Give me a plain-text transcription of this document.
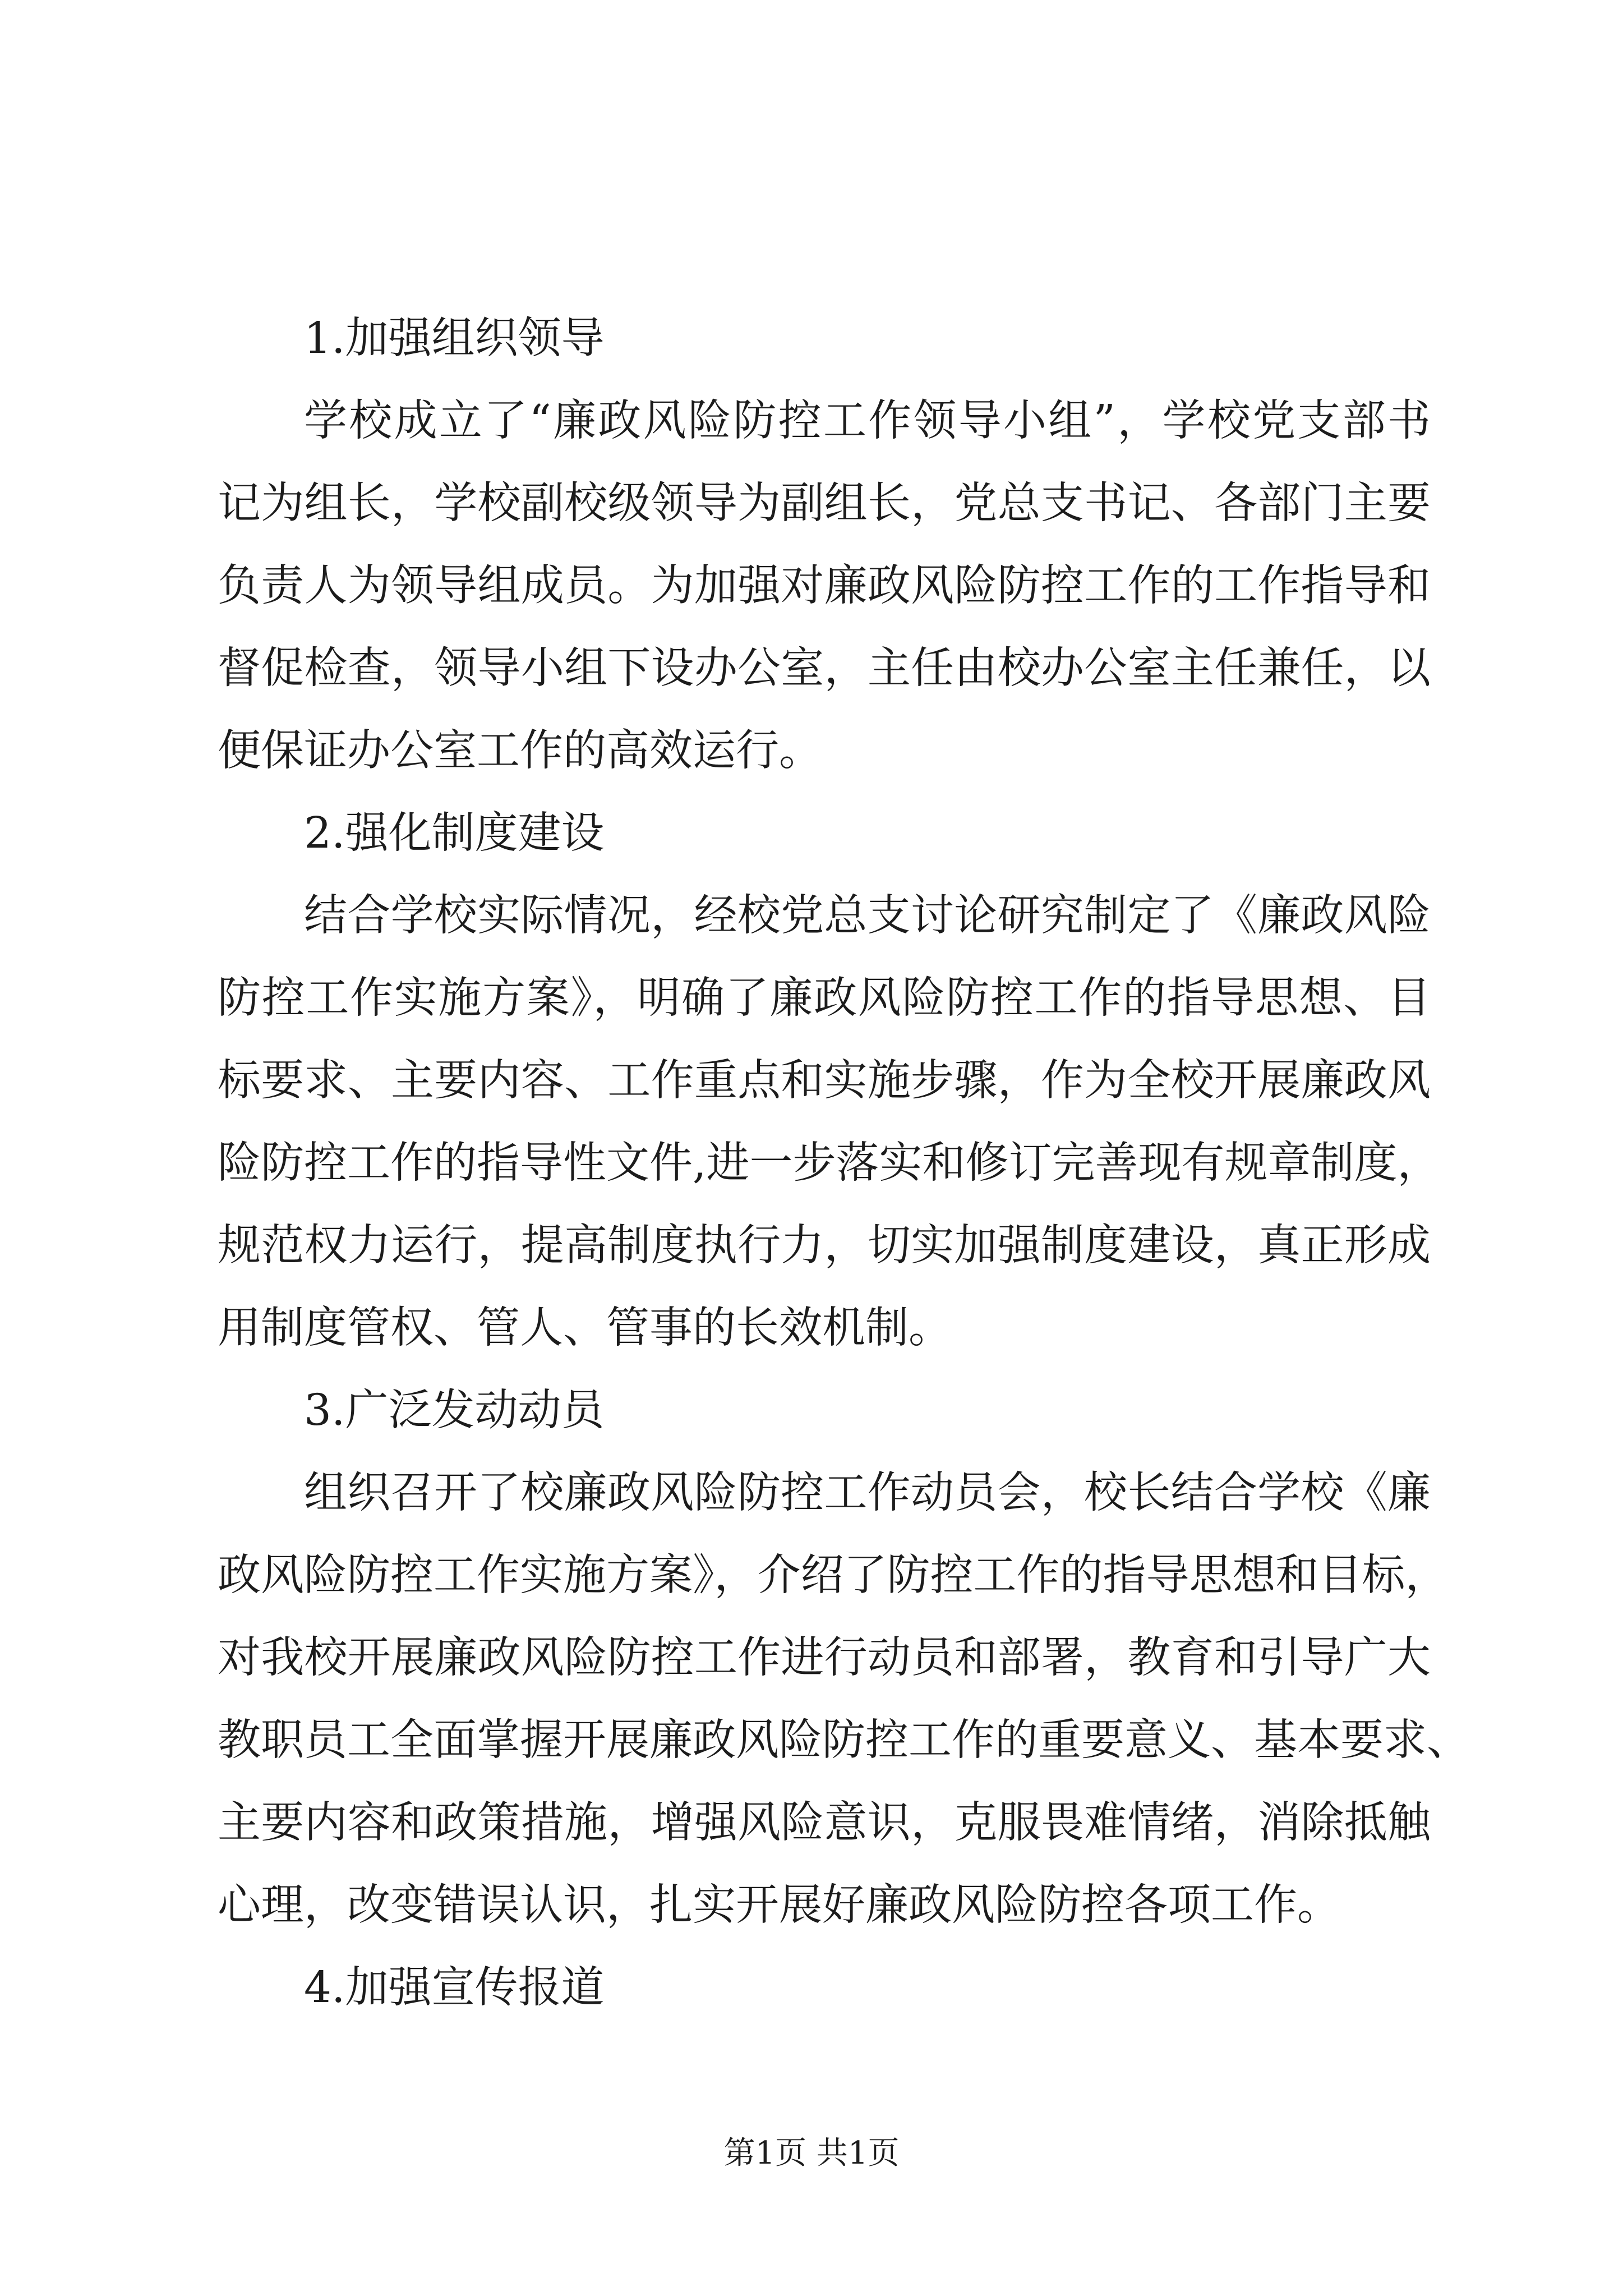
1.加强组织领导
学校成立了“廉政风险防控工作领导小组”，学校党支部书
记为组长，学校副校级领导为副组长，党总支书记、各部门主要
负责人为领导组成员。为加强对廉政风险防控工作的工作指导和
督促检查，领导小组下设办公室，主任由校办公室主任兼任，以
便保证办公室工作的高效运行。
2.强化制度建设
结合学校实际情况，经校党总支讨论研究制定了《廉政风险
防控工作实施方案》，明确了廉政风险防控工作的指导思想、目
标要求、主要内容、工作重点和实施步骤，作为全校开展廉政风
险防控工作的指导性文件,进一步落实和修订完善现有规章制度，
规范权力运行，提高制度执行力，切实加强制度建设，真正形成
用制度管权、管人、管事的长效机制。
3.广泛发动动员
组织召开了校廉政风险防控工作动员会，校长结合学校《廉
政风险防控工作实施方案》，介绍了防控工作的指导思想和目标，
对我校开展廉政风险防控工作进行动员和部署，教育和引导广大
教职员工全面掌握开展廉政风险防控工作的重要意义、基本要求、
主要内容和政策措施，增强风险意识，克服畏难情绪，消除抵触
心理，改变错误认识，扎实开展好廉政风险防控各项工作。
4.加强宣传报道
第1页 共1页
